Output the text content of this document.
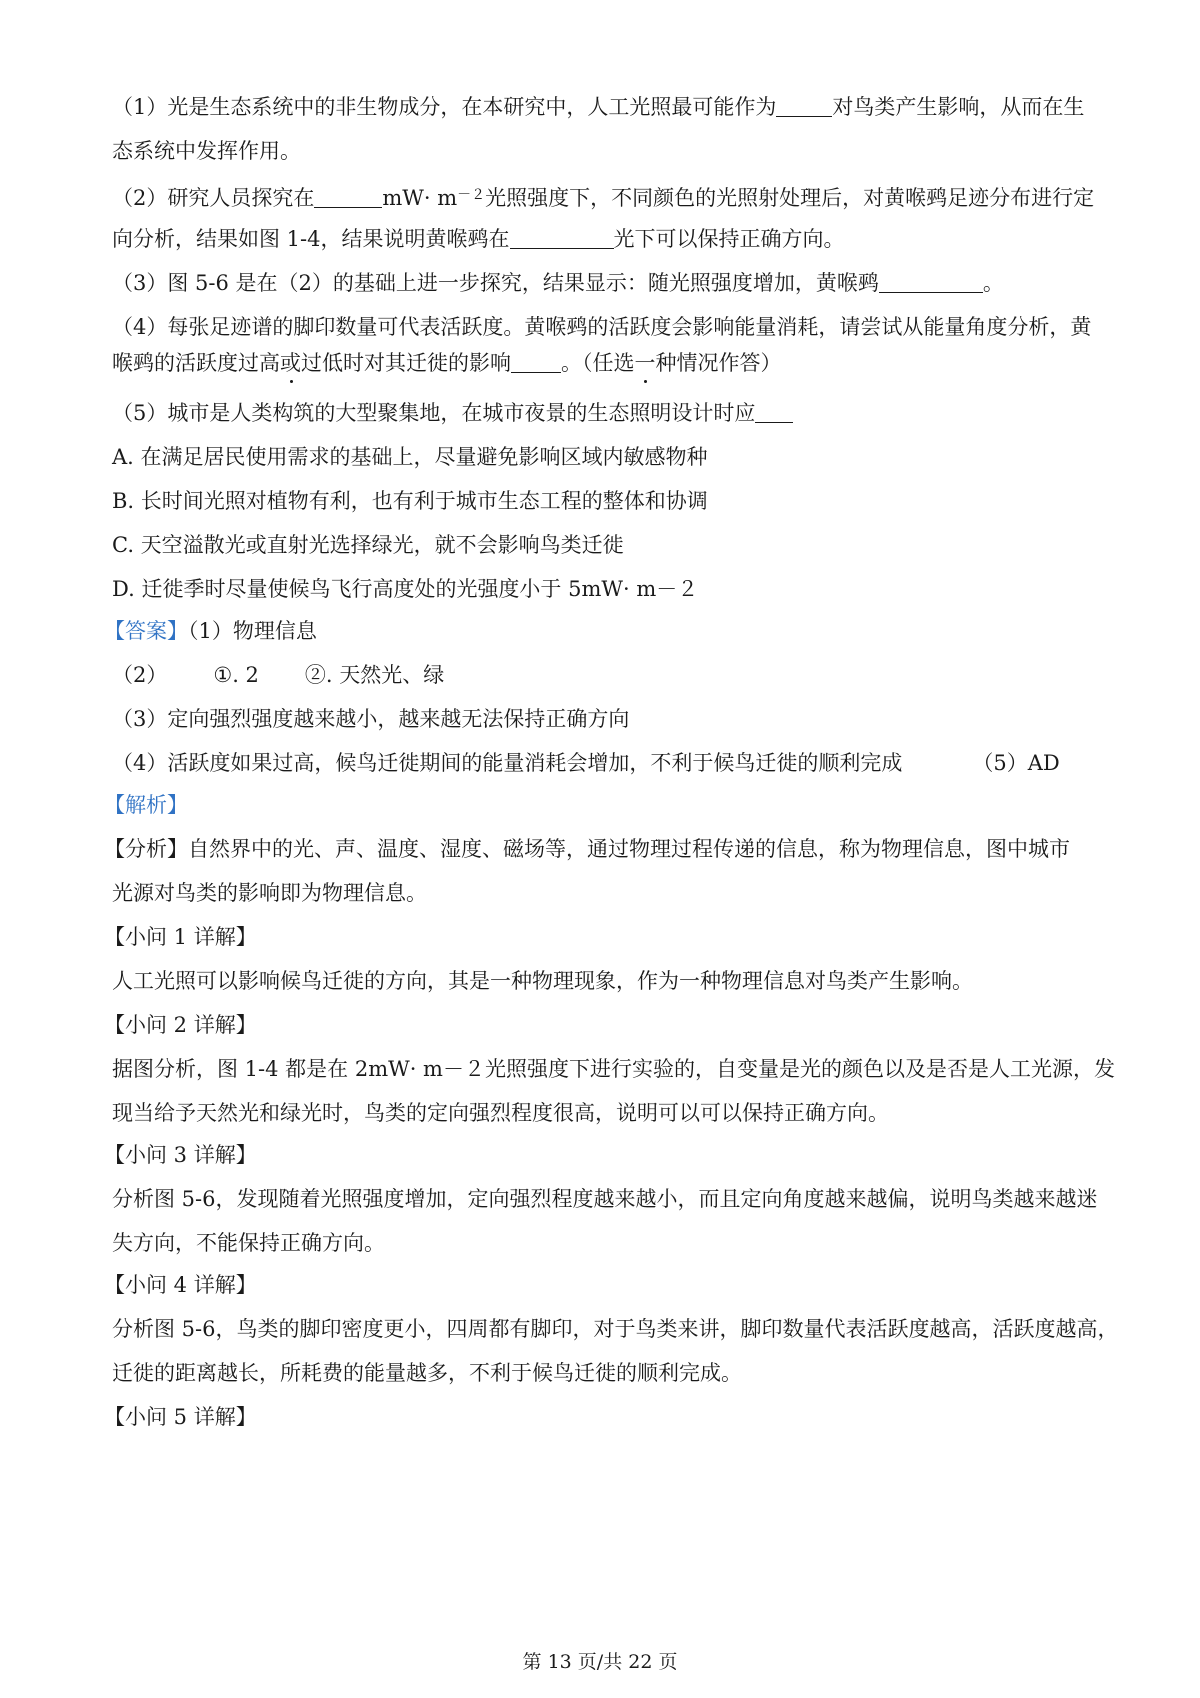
（1）光是生态系统中的非生物成分，在本研究中，人工光照最可能作为	对鸟类产生影响，从而在生
态系统中发挥作用。
（2）研究人员探究在	$mW\cdot m^{-2}$光照强度下，不同颜色的光照射处理后，对黄喉鹀足迹分布进行定
向分析，结果如图 1-4，结果说明黄喉鹀在	光下可以保持正确方向。
（3）图 5-6 是在（2）的基础上进一步探究，结果显示：随光照强度增加，黄喉鹀	。
（4）每张足迹谱的脚印数量可代表活跃度。黄喉鹀的活跃度会影响能量消耗，请尝试从能量角度分析，黄
喉鹀的活跃度过高或过低时对其迁徙的影响 。（任选一种情况作答）
（5）城市是人类构筑的大型聚集地，在城市夜景的生态照明设计时应
A. 在满足居民使用需求的基础上，尽量避免影响区域内敏感物种
B. 长时间光照对植物有利，也有利于城市生态工程的整体和协调
C. 天空溢散光或直射光选择绿光，就不会影响鸟类迁徙
D. 迁徙季时尽量使候鸟飞行高度处的光强度小于 5mW· m－２
【答案】（1）物理信息
（2） ①. 2 ②. 天然光、绿
（3）定向强烈强度越来越小，越来越无法保持正确方向
（4）活跃度如果过高，候鸟迁徙期间的能量消耗会增加，不利于候鸟迁徙的顺利完成	（5）AD
【解析】
【分析】自然界中的光、声、温度、湿度、磁场等，通过物理过程传递的信息，称为物理信息，图中城市
光源对鸟类的影响即为物理信息。
【小问 1 详解】
人工光照可以影响候鸟迁徙的方向，其是一种物理现象，作为一种物理信息对鸟类产生影响。
【小问 2 详解】
据图分析，图 1-4 都是在 2mW· m－２光照强度下进行实验的，自变量是光的颜色以及是否是人工光源，发
现当给予天然光和绿光时，鸟类的定向强烈程度很高，说明可以可以保持正确方向。
【小问 3 详解】
分析图 5-6，发现随着光照强度增加，定向强烈程度越来越小，而且定向角度越来越偏，说明鸟类越来越迷
失方向，不能保持正确方向。
【小问 4 详解】
分析图 5-6，鸟类的脚印密度更小，四周都有脚印，对于鸟类来讲，脚印数量代表活跃度越高，活跃度越高，
迁徙的距离越长，所耗费的能量越多，不利于候鸟迁徙的顺利完成。
【小问 5 详解】
第 13 页/共 22 页
